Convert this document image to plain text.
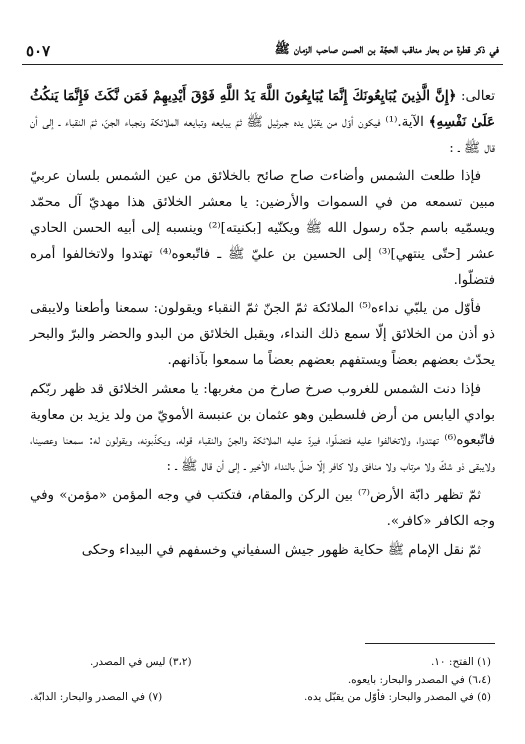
٥٠٧	في ذكر قطرة من بحار مناقب الحجّة بن الحسن صاحب الزمان ﷺ

تعالى: ﴿إِنَّ الَّذِينَ يُبَايِعُونَكَ إِنَّمَا يُبَايِعُونَ اللَّهَ يَدُ اللَّهِ فَوْقَ أَيْدِيهِمْ فَمَن نَّكَثَ فَإِنَّمَا يَنكُثُ عَلَىٰ نَفْسِهِ﴾ الآية.⁽¹⁾ فيكون أوّل من يقبّل يده جبرئيل ﷺ ثمّ يبايعه وتبايعه الملائكة ونجباء الجنّ، ثمّ النقباء ـ إلى أن قال ﷺ ـ :

فإذا طلعت الشمس وأضاءت صاح صائح بالخلائق من عين الشمس بلسان عربيّ مبين تسمعه من في السموات والأرضين: يا معشر الخلائق هذا مهديّ آل محمّد ويسمّيه باسم جدّه رسول الله ﷺ ويكنّيه [بكنيته]⁽²⁾ وينسبه إلى أبيه الحسن الحادي عشر [حتّى ينتهي]⁽³⁾ إلى الحسين بن عليّ ﷺ ـ فاتّبعوه⁽⁴⁾ تهتدوا ولاتخالفوا أمره فتضلّوا.

فأوّل من يلبّي نداءه⁽⁵⁾ الملائكة ثمّ الجنّ ثمّ النقباء ويقولون: سمعنا وأطعنا ولايبقى ذو أذن من الخلائق إلّا سمع ذلك النداء، ويقبل الخلائق من البدو والحضر والبرّ والبحر يحدّث بعضهم بعضاً ويستفهم بعضهم بعضاً ما سمعوا بآذانهم.

فإذا دنت الشمس للغروب صرخ صارخ من مغربها: يا معشر الخلائق قد ظهر ربّكم بوادي اليابس من أرض فلسطين وهو عثمان بن عنبسة الأمويّ من ولد يزيد بن معاوية فاتّبعوه⁽⁶⁾ تهتدوا، ولاتخالفوا عليه فتضلّوا، فيردّ عليه الملائكة والجنّ والنقباء قوله، ويكذّبونه، ويقولون له: سمعنا وعصينا، ولايبقى ذو شكّ ولا مرتاب ولا منافق ولا كافر إلّا ضلّ بالنداء الأخير ـ إلى أن قال ﷺ ـ :

ثمّ تظهر دابّة الأرض⁽⁷⁾ بين الركن والمقام، فتكتب في وجه المؤمن «مؤمن» وفي وجه الكافر «كافر».

ثمّ نقل الإمام ﷺ حكاية ظهور جيش السفياني وخسفهم في البيداء وحكى

(١) الفتح: ١٠.
(٣،٢) ليس في المصدر.
(٦،٤) في المصدر والبحار: بايعوه.
(٥) في المصدر والبحار: فأوّل من يقبّل يده.
(٧) في المصدر والبحار: الدابّة.
